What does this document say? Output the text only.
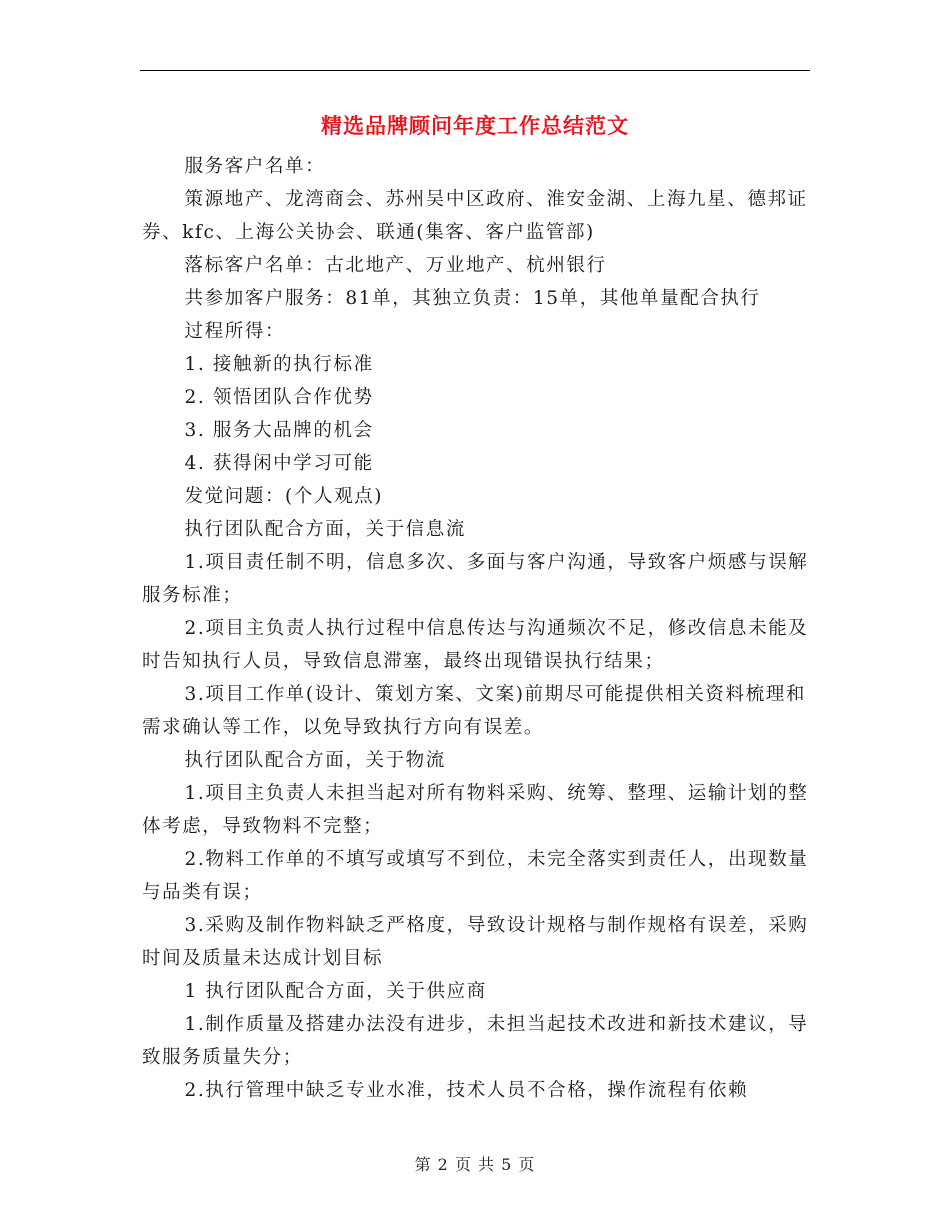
精选品牌顾问年度工作总结范文

服务客户名单：

策源地产、龙湾商会、苏州吴中区政府、淮安金湖、上海九星、德邦证券、kfc、上海公关协会、联通(集客、客户监管部)

落标客户名单：古北地产、万业地产、杭州银行

共参加客户服务：81单，其独立负责：15单，其他单量配合执行

过程所得：

1. 接触新的执行标准

2. 领悟团队合作优势

3. 服务大品牌的机会

4. 获得闲中学习可能

发觉问题：(个人观点)

执行团队配合方面，关于信息流

1.项目责任制不明，信息多次、多面与客户沟通，导致客户烦感与误解服务标准；

2.项目主负责人执行过程中信息传达与沟通频次不足，修改信息未能及时告知执行人员，导致信息滞塞，最终出现错误执行结果；

3.项目工作单(设计、策划方案、文案)前期尽可能提供相关资料梳理和需求确认等工作，以免导致执行方向有误差。

执行团队配合方面，关于物流

1.项目主负责人未担当起对所有物料采购、统筹、整理、运输计划的整体考虑，导致物料不完整；

2.物料工作单的不填写或填写不到位，未完全落实到责任人，出现数量与品类有误；

3.采购及制作物料缺乏严格度，导致设计规格与制作规格有误差，采购时间及质量未达成计划目标

1 执行团队配合方面，关于供应商

1.制作质量及搭建办法没有进步，未担当起技术改进和新技术建议，导致服务质量失分；

2.执行管理中缺乏专业水准，技术人员不合格，操作流程有依赖

第 2 页 共 5 页
